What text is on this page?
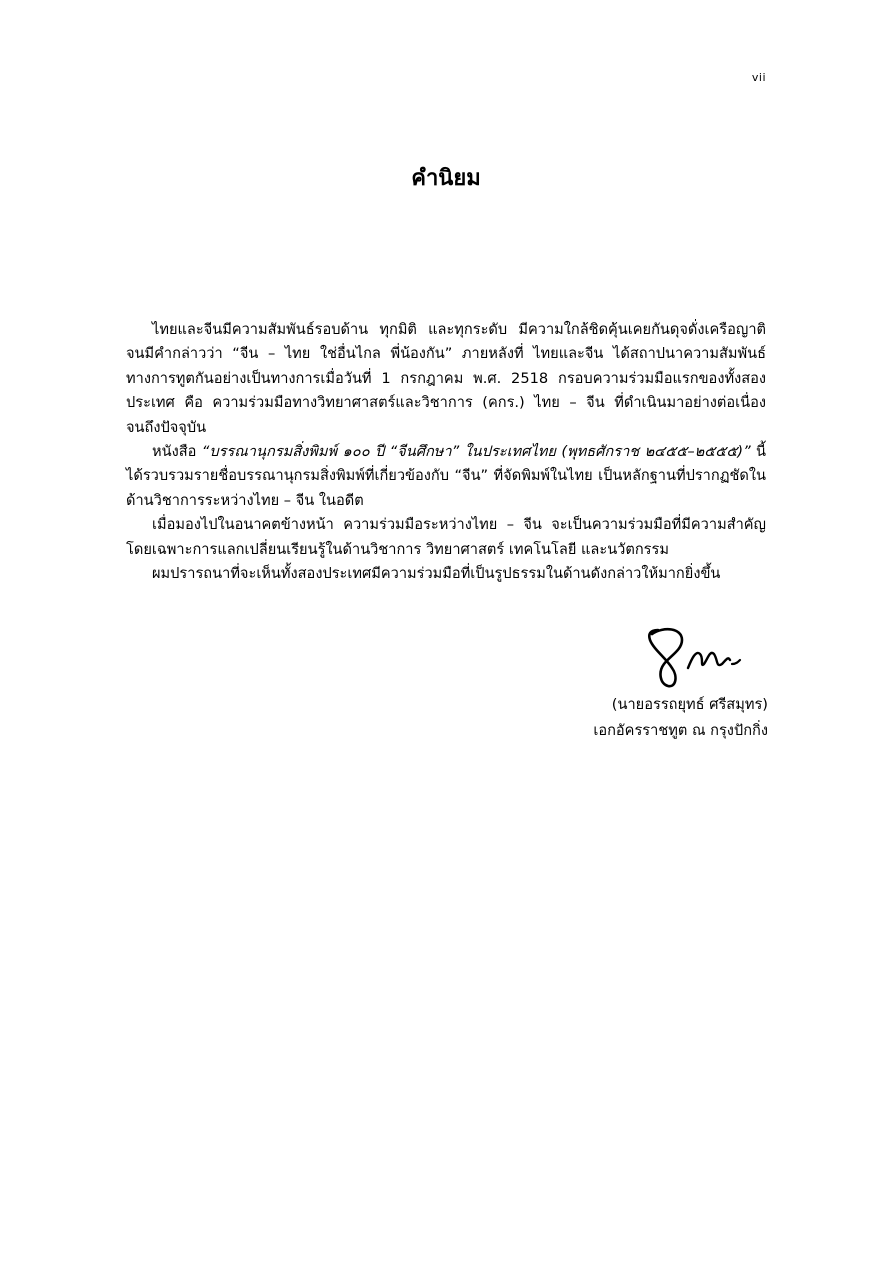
vii
คำนิยม

ไทยและจีนมีความสัมพันธ์รอบด้าน ทุกมิติ และทุกระดับ มีความใกล้ชิดคุ้นเคยกันดุจดั่งเครือญาติ จนมีคำกล่าวว่า “จีน – ไทย ใช่อื่นไกล พี่น้องกัน” ภายหลังที่ ไทยและจีน ได้สถาปนาความสัมพันธ์ทางการทูตกันอย่างเป็นทางการเมื่อวันที่ 1 กรกฎาคม พ.ศ. 2518 กรอบความร่วมมือแรกของทั้งสองประเทศ คือ ความร่วมมือทางวิทยาศาสตร์และวิชาการ (คกร.) ไทย – จีน ที่ดำเนินมาอย่างต่อเนื่องจนถึงปัจจุบัน

หนังสือ “บรรณานุกรมสิ่งพิมพ์ ๑๐๐ ปี “จีนศึกษา” ในประเทศไทย (พุทธศักราช ๒๔๕๕–๒๕๕๕)” นี้ได้รวบรวมรายชื่อบรรณานุกรมสิ่งพิมพ์ที่เกี่ยวข้องกับ “จีน” ที่จัดพิมพ์ในไทย เป็นหลักฐานที่ปรากฏชัดในด้านวิชาการระหว่างไทย – จีน ในอดีต

เมื่อมองไปในอนาคตข้างหน้า ความร่วมมือระหว่างไทย – จีน จะเป็นความร่วมมือที่มีความสำคัญโดยเฉพาะการแลกเปลี่ยนเรียนรู้ในด้านวิชาการ วิทยาศาสตร์ เทคโนโลยี และนวัตกรรม

ผมปรารถนาที่จะเห็นทั้งสองประเทศมีความร่วมมือที่เป็นรูปธรรมในด้านดังกล่าวให้มากยิ่งขึ้น

(นายอรรถยุทธ์ ศรีสมุทร)
เอกอัครราชทูต ณ กรุงปักกิ่ง
